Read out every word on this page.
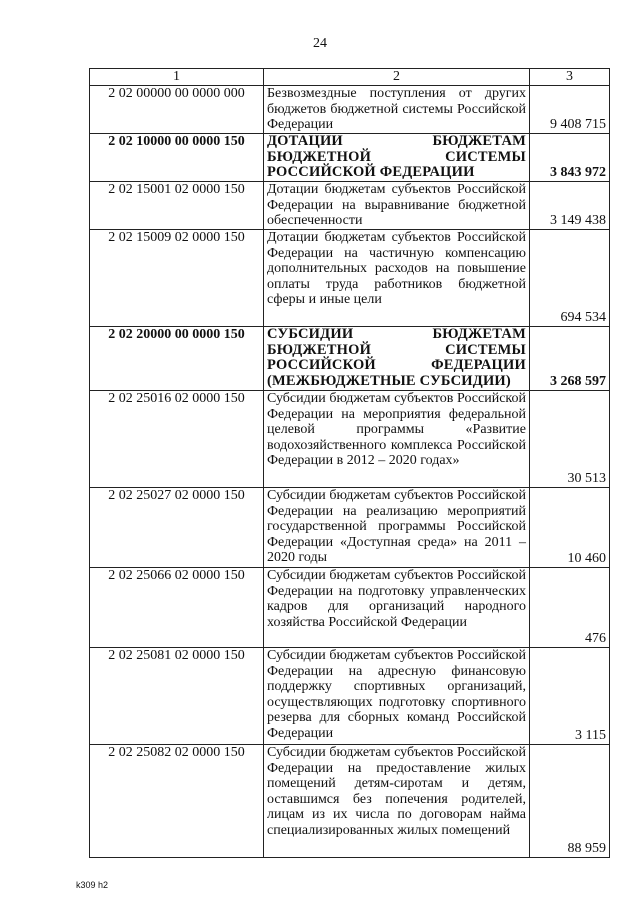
24
1	2	3
2 02 00000 00 0000 000	Безвозмездные поступления от других бюджетов бюджетной системы Российской Федерации	9 408 715
2 02 10000 00 0000 150	ДОТАЦИИ БЮДЖЕТАМ БЮДЖЕТНОЙ СИСТЕМЫ РОССИЙСКОЙ ФЕДЕРАЦИИ	3 843 972
2 02 15001 02 0000 150	Дотации бюджетам субъектов Российской Федерации на выравнивание бюджетной обеспеченности	3 149 438
2 02 15009 02 0000 150	Дотации бюджетам субъектов Российской Федерации на частичную компенсацию дополнительных расходов на повышение оплаты труда работников бюджетной сферы и иные цели	694 534
2 02 20000 00 0000 150	СУБСИДИИ БЮДЖЕТАМ БЮДЖЕТНОЙ СИСТЕМЫ РОССИЙСКОЙ ФЕДЕРАЦИИ (МЕЖБЮДЖЕТНЫЕ СУБСИДИИ)	3 268 597
2 02 25016 02 0000 150	Субсидии бюджетам субъектов Российской Федерации на мероприятия федеральной целевой программы «Развитие водохозяйственного комплекса Российской Федерации в 2012 – 2020 годах»	30 513
2 02 25027 02 0000 150	Субсидии бюджетам субъектов Российской Федерации на реализацию мероприятий государственной программы Российской Федерации «Доступная среда» на 2011 – 2020 годы	10 460
2 02 25066 02 0000 150	Субсидии бюджетам субъектов Российской Федерации на подготовку управленческих кадров для организаций народного хозяйства Российской Федерации	476
2 02 25081 02 0000 150	Субсидии бюджетам субъектов Российской Федерации на адресную финансовую поддержку спортивных организаций, осуществляющих подготовку спортивного резерва для сборных команд Российской Федерации	3 115
2 02 25082 02 0000 150	Субсидии бюджетам субъектов Российской Федерации на предоставление жилых помещений детям-сиротам и детям, оставшимся без попечения родителей, лицам из их числа по договорам найма специализированных жилых помещений	88 959
k309 h2
